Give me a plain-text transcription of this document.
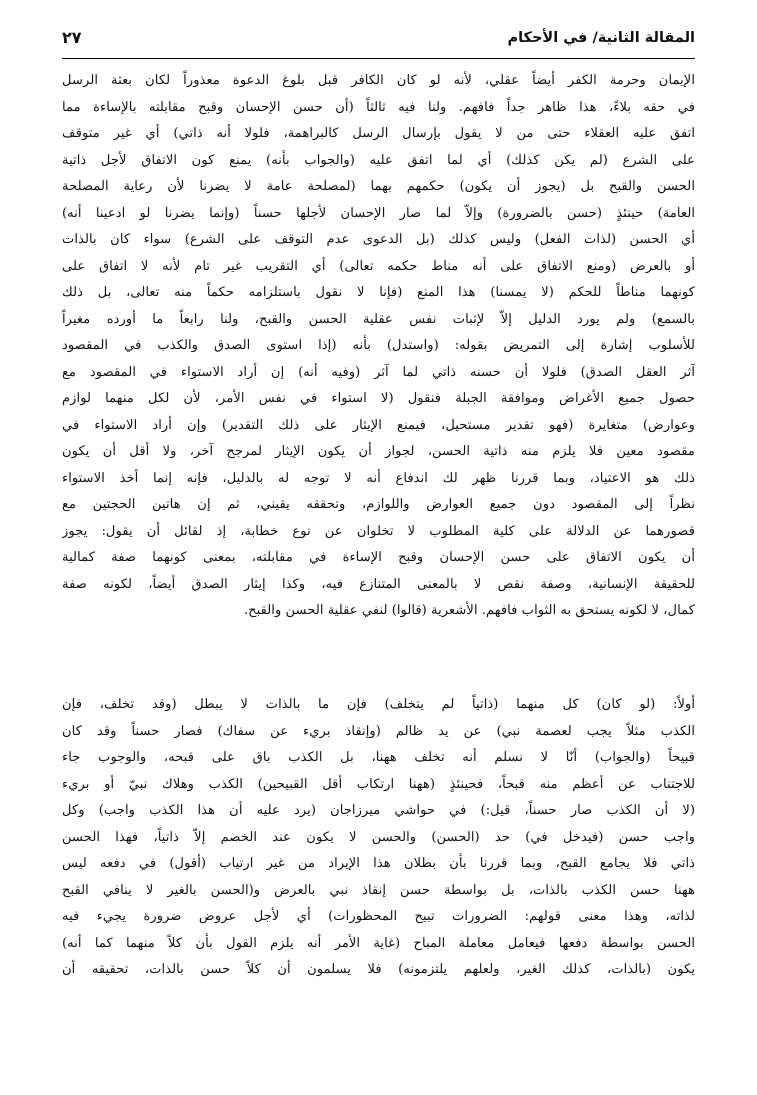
المقالة الثانية/ في الأحكام
٢٧
الإيمان وحرمة الكفر أيضاً عقلي، لأنه لو كان الكافر قبل بلوغ الدعوة معذوراً لكان بعثة الرسل
في حقه بلاءً، هذا ظاهر جداً فافهم. ولنا فيه ثالثاً (أن حسن الإحسان وقبح مقابلته بالإساءة مما
اتفق عليه العقلاء حتى من لا يقول بإرسال الرسل كالبراهمة، فلولا أنه ذاتي) أي غير متوقف
على الشرع (لم يكن كذلك) أي لما اتفق عليه (والجواب بأنه) يمنع كون الاتفاق لأجل ذاتية
الحسن والقبح بل (يجوز أن يكون) حكمهم بهما (لمصلحة عامة لا يضرنا لأن رعاية المصلحة
العامة) حينئذٍ (حسن بالضرورة) وإلاّ لما صار الإحسان لأجلها حسناً (وإنما يضرنا لو ادعينا أنه)
أي الحسن (لذات الفعل) وليس كذلك (بل الدعوى عدم التوقف على الشرع) سواء كان بالذات
أو بالعرض (ومنع الاتفاق على أنه مناط حكمه تعالى) أي التقريب غير تام لأنه لا اتفاق على
كونهما مناطاً للحكم (لا يمسنا) هذا المنع (فإنا لا نقول باستلزامه حكماً منه تعالى، بل ذلك
بالسمع) ولم يورد الدليل إلاّ لإثبات نفس عقلية الحسن والقبح، ولنا رابعاً ما أورده مغيراً
للأسلوب إشارة إلى التمريض بقوله: (واستدل) بأنه (إذا استوى الصدق والكذب في المقصود
آثر العقل الصدق) فلولا أن حسنه ذاتي لما آثر (وفيه أنه) إن أراد الاستواء في المقصود مع
حصول جميع الأغراض وموافقة الجبلة فنقول (لا استواء في نفس الأمر، لأن لكل منهما لوازم
وعوارض) متغايرة (فهو تقدير مستحيل، فيمنع الإيثار على ذلك التقدير) وإن أراد الاستواء في
مقصود معين فلا يلزم منه ذاتية الحسن، لجواز أن يكون الإيثار لمرجح آخر، ولا أقل أن يكون
ذلك هو الاعتياد، وبما قررنا ظهر لك اندفاع أنه لا توجه له بالدليل، فإنه إنما أخذ الاستواء
نظراً إلى المقصود دون جميع العوارض واللوازم، وتحققه يقيني، ثم إن هاتين الحجتين مع
قصورهما عن الدلالة على كلية المطلوب لا تخلوان عن نوع خطابة، إذ لقائل أن يقول: يجوز
أن يكون الاتفاق على حسن الإحسان وقبح الإساءة في مقابلته، بمعنى كونهما صفة كمالية
للحقيقة الإنسانية، وصفة نقص لا بالمعنى المتنازع فيه، وكذا إيثار الصدق أيضاً، لكونه صفة
كمال، لا لكونه يستحق به الثواب فافهم. الأشعرية (قالوا) لنفي عقلية الحسن والقبح.
أولاً: (لو كان) كل منهما (ذاتياً لم يتخلف) فإن ما بالذات لا يبطل (وقد تخلف، فإن
الكذب مثلاً يجب لعصمة نبي) عن يد ظالم (وإنقاذ بريء عن سفاك) فصار حسناً وقد كان
قبيحاً (والجواب) أنّا لا نسلم أنه تخلف ههنا، بل الكذب باق على قبحه، والوجوب جاء
للاجتناب عن أعظم منه قبحاً، فحينئذٍ (ههنا ارتكاب أقل القبيحين) الكذب وهلاك نبيّ أو بريء
(لا أن الكذب صار حسناً، قيل:) في حواشي ميرزاجان (يرد عليه أن هذا الكذب واجب) وكل
واجب حسن (فيدخل في) حد (الحسن) والحسن لا يكون عند الخصم إلاّ ذاتياً، فهذا الحسن
ذاتي فلا يجامع القبح، وبما قررنا بأن بطلان هذا الإيراد من غير ارتياب (أقول) في دفعه ليس
ههنا حسن الكذب بالذات، بل بواسطة حسن إنقاذ نبي بالعرض و(الحسن بالغير لا ينافي القبح
لذاته، وهذا معنى قولهم: الضرورات تبيح المحظورات) أي لأجل عروض ضرورة يجيء فيه
الحسن بواسطة دفعها فيعامل معاملة المباح (غاية الأمر أنه يلزم القول بأن كلاً منهما كما أنه)
يكون (بالذات، كذلك الغير، ولعلهم يلتزمونه) فلا يسلمون أن كلاً حسن بالذات، تحقيقه أن
